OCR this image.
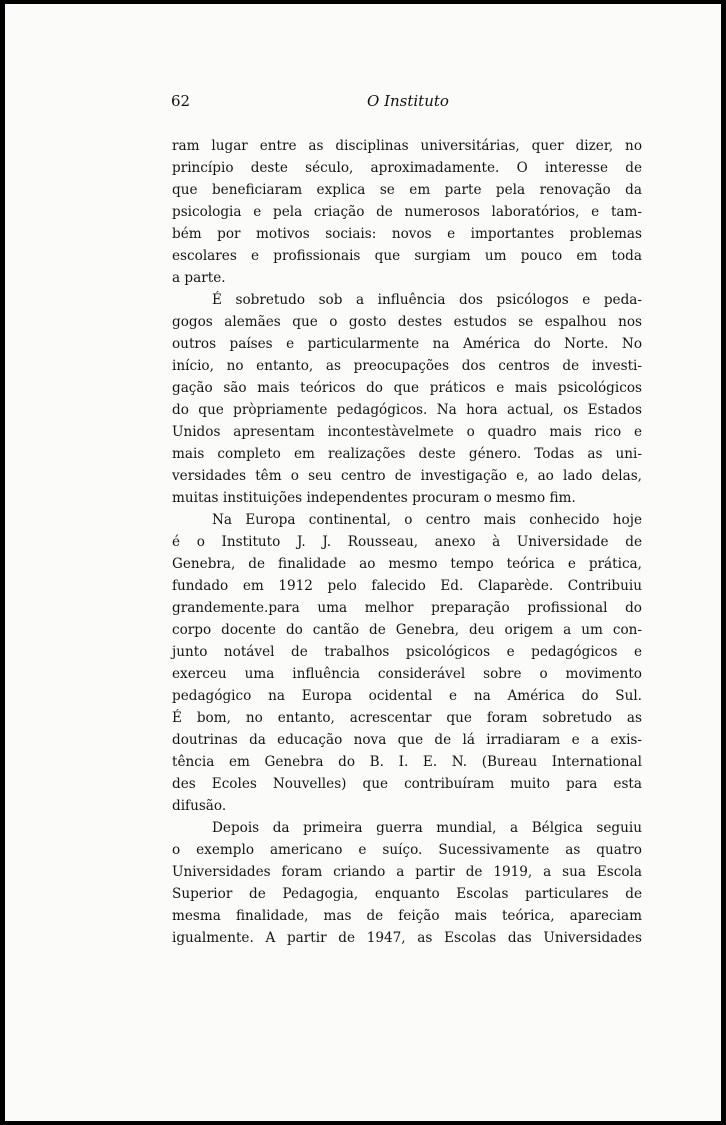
62	O Instituto

ram lugar entre as disciplinas universitárias, quer dizer, no
princípio deste século, aproximadamente. O interesse de
que beneficiaram explica se em parte pela renovação da
psicologia e pela criação de numerosos laboratórios, e tam-
bém por motivos sociais: novos e importantes problemas
escolares e profissionais que surgiam um pouco em toda
a parte.

É sobretudo sob a influência dos psicólogos e peda-
gogos alemães que o gosto destes estudos se espalhou nos
outros países e particularmente na América do Norte. No
início, no entanto, as preocupações dos centros de investi-
gação são mais teóricos do que práticos e mais psicológicos
do que pròpriamente pedagógicos. Na hora actual, os Estados
Unidos apresentam incontestàvelmete o quadro mais rico e
mais completo em realizações deste género. Todas as uni-
versidades têm o seu centro de investigação e, ao lado delas,
muitas instituições independentes procuram o mesmo fim.

Na Europa continental, o centro mais conhecido hoje
é o Instituto J. J. Rousseau, anexo à Universidade de
Genebra, de finalidade ao mesmo tempo teórica e prática,
fundado em 1912 pelo falecido Ed. Claparède. Contribuiu
grandemente.para uma melhor preparação profissional do
corpo docente do cantão de Genebra, deu origem a um con-
junto notável de trabalhos psicológicos e pedagógicos e
exerceu uma influência considerável sobre o movimento
pedagógico na Europa ocidental e na América do Sul.
É bom, no entanto, acrescentar que foram sobretudo as
doutrinas da educação nova que de lá irradiaram e a exis-
tência em Genebra do B. I. E. N. (Bureau International
des Ecoles Nouvelles) que contribuíram muito para esta
difusão.

Depois da primeira guerra mundial, a Bélgica seguiu
o exemplo americano e suíço. Sucessivamente as quatro
Universidades foram criando a partir de 1919, a sua Escola
Superior de Pedagogia, enquanto Escolas particulares de
mesma finalidade, mas de feição mais teórica, apareciam
igualmente. A partir de 1947, as Escolas das Universidades
